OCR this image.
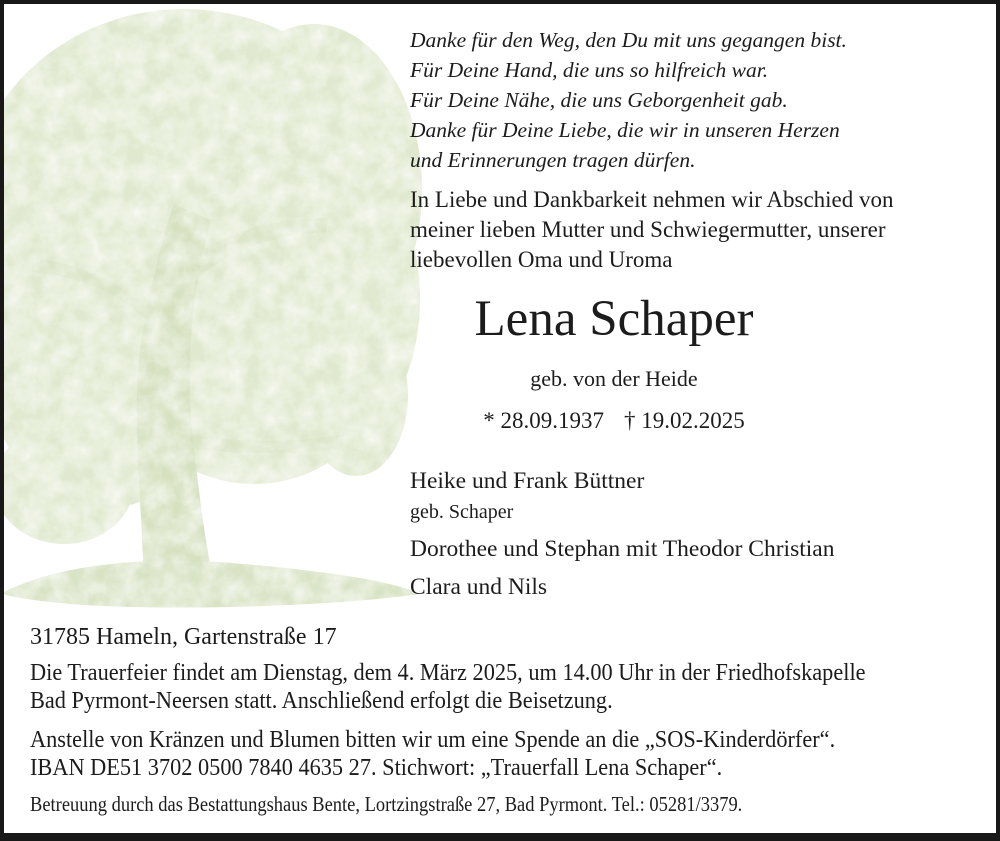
Danke für den Weg, den Du mit uns gegangen bist.
Für Deine Hand, die uns so hilfreich war.
Für Deine Nähe, die uns Geborgenheit gab.
Danke für Deine Liebe, die wir in unseren Herzen
und Erinnerungen tragen dürfen.
In Liebe und Dankbarkeit nehmen wir Abschied von
meiner lieben Mutter und Schwiegermutter, unserer
liebevollen Oma und Uroma
Lena Schaper
geb. von der Heide
* 28.09.1937 † 19.02.2025
Heike und Frank Büttner
geb. Schaper
Dorothee und Stephan mit Theodor Christian
Clara und Nils
31785 Hameln, Gartenstraße 17
Die Trauerfeier findet am Dienstag, dem 4. März 2025, um 14.00 Uhr in der Friedhofskapelle
Bad Pyrmont-Neersen statt. Anschließend erfolgt die Beisetzung.
Anstelle von Kränzen und Blumen bitten wir um eine Spende an die „SOS-Kinderdörfer“.
IBAN DE51 3702 0500 7840 4635 27. Stichwort: „Trauerfall Lena Schaper“.
Betreuung durch das Bestattungshaus Bente, Lortzingstraße 27, Bad Pyrmont. Tel.: 05281/3379.
